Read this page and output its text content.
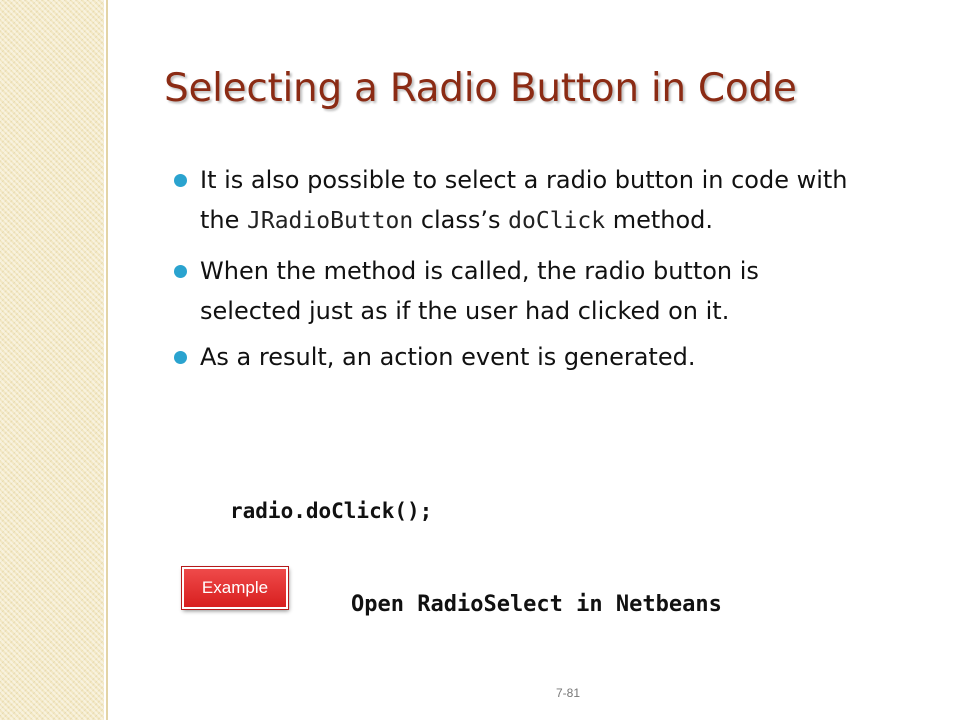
Selecting a Radio Button in Code
It is also possible to select a radio button in code with the JRadioButton class’s doClick method.
When the method is called, the radio button is selected just as if the user had clicked on it.
As a result, an action event is generated.

radio.doClick();

Example

Open RadioSelect in Netbeans

7-81
